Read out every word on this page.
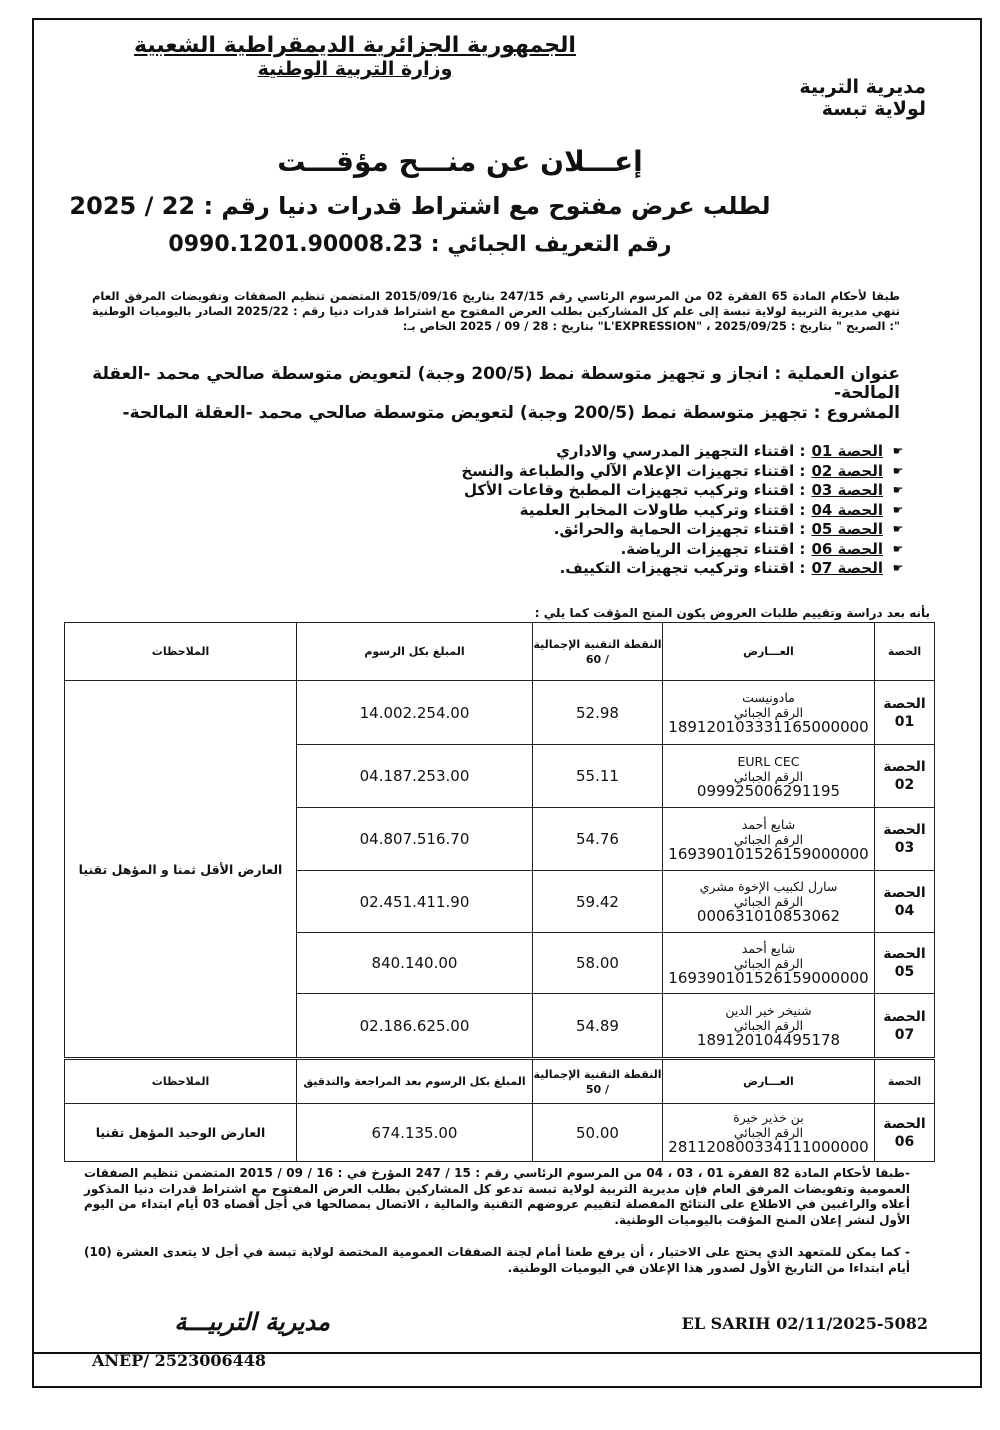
الجمهورية الجزائرية الديمقراطية الشعبية
وزارة التربية الوطنية
مديرية التربية
لولاية تبسة
إعـــلان عن منـــح مؤقـــت
لطلب عرض مفتوح مع اشتراط قدرات دنيا رقم : 22 / 2025
رقم التعريف الجبائي : 0990.1201.90008.23
طبقا لأحكام المادة 65 الفقرة 02 من المرسوم الرئاسي رقم 247/15 بتاريخ 2015/09/16 المتضمن تنظيم الصفقات وتفويضات المرفق العام تنهي مديرية التربية لولاية تبسة إلى علم كل المشاركين بطلب العرض المفتوح مع اشتراط قدرات دنيا رقم : 2025/22 الصادر باليوميات الوطنية ": الصريح " بتاريخ : 2025/09/25 ، "L'EXPRESSION" بتاريخ : 28 / 09 / 2025 الخاص بـ:
عنوان العملية : انجاز و تجهيز متوسطة نمط (200/5 وجبة) لتعويض متوسطة صالحي محمد -العقلة المالحة-
المشروع : تجهيز متوسطة نمط (200/5 وجبة) لتعويض متوسطة صالحي محمد -العقلة المالحة-
☛
الحصة 01
: اقتناء التجهيز المدرسي والاداري
☛
الحصة 02
: اقتناء تجهيزات الإعلام الآلي والطباعة والنسخ
☛
الحصة 03
: اقتناء وتركيب تجهيزات المطبخ وقاعات الأكل
☛
الحصة 04
: اقتناء وتركيب طاولات المخابر العلمية
☛
الحصة 05
: اقتناء تجهيزات الحماية والحرائق.
☛
الحصة 06
: اقتناء تجهيزات الرياضة.
☛
الحصة 07
: اقتناء وتركيب تجهيزات التكييف.
بأنه بعد دراسة وتقييم طلبات العروض يكون المنح المؤقت كما يلي :
الحصة	العـــارض	النقطة التقنية الإجمالية / 60	المبلغ بكل الرسوم	الملاحظات

الحصة
01	مادونيست
الرقم الجبائي
189120103331165000000	52.98	14.002.254.00	العارض الأقل ثمنا و المؤهل تقنيا

الحصة
02	EURL CEC
الرقم الجبائي
099925006291195	55.11	04.187.253.00	

الحصة
03	شايع أحمد
الرقم الجبائي
169390101526159000000	54.76	04.807.516.70	

الحصة
04	سارل لكبيب الإخوة مشري
الرقم الجبائي
000631010853062	59.42	02.451.411.90	

الحصة
05	شايع أحمد
الرقم الجبائي
169390101526159000000	58.00	840.140.00	

الحصة
07	شنيخر خير الدين
الرقم الجبائي
189120104495178	54.89	02.186.625.00	
الحصة	العـــارض	النقطة التقنية الإجمالية / 50	المبلغ بكل الرسوم بعد المراجعة والتدقيق	الملاحظات

الحصة
06	بن خذير خيرة
الرقم الجبائي
281120800334111000000	50.00	674.135.00	العارض الوحيد المؤهل تقنيا
-طبقا لأحكام المادة 82 الفقرة 01 ، 03 ، 04 من المرسوم الرئاسي رقم : 15 / 247 المؤرخ في : 16 / 09 / 2015 المتضمن تنظيم الصفقات العمومية وتفويضات المرفق العام فإن مديرية التربية لولاية تبسة تدعو كل المشاركين بطلب العرض المفتوح مع اشتراط قدرات دنيا المذكور أعلاه والراغبين في الاطلاع على النتائج المفصلة لتقييم عروضهم التقنية والمالية ، الاتصال بمصالحها في أجل أقصاه 03 أيام ابتداء من اليوم الأول لنشر إعلان المنح المؤقت باليوميات الوطنية.
- كما يمكن للمتعهد الذي يحتج على الاختيار ، أن يرفع طعنا أمام لجنة الصفقات العمومية المختصة لولاية تبسة في أجل لا يتعدى العشرة (10) أيام ابتداءا من التاريخ الأول لصدور هذا الإعلان في اليوميات الوطنية.
مديرية التربيـــة
ANEP/ 2523006448
EL SARIH 02/11/2025-5082
